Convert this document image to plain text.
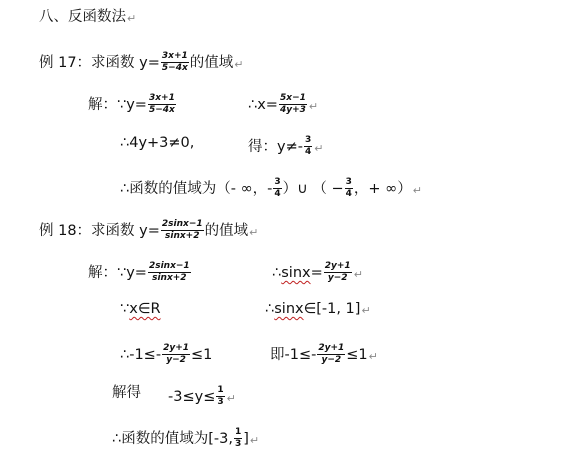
八、反函数法↵
例 17：求函数 $y= \frac{3x+1}{5-4x}$ 的值域↵
解：∵y= $\frac{3x+1}{5-4x}$	∴x= $\frac{5x-1}{4y+3}$ ↵
∴4y+3≠0,	得：$y\ne- \frac{3}{4}$ ↵
∴函数的值域为（- ∞，- $\frac{3}{4}$ ）∪ （ − $\frac{3}{4}$ ，+ ∞）↵
例 18：求函数 $y= \frac{2\sin x-1}{\sin x+2}$ 的值域↵
解：∵y= $\frac{2\sin x-1}{\sin x+2}$	∴sinx= $\frac{2y+1}{y-2}$ ↵
∵x∈R	∴sinx∈[-1, 1]↵
∴-1≤- $\frac{2y+1}{y-2} \le 1$	即$-1\le- \frac{2y+1}{y-2}$ ≤1↵
解得 $-3\le y\le \frac{1}{3}$ ↵
∴函数的值域为[-3, $\frac{1}{3}$ ]↵
